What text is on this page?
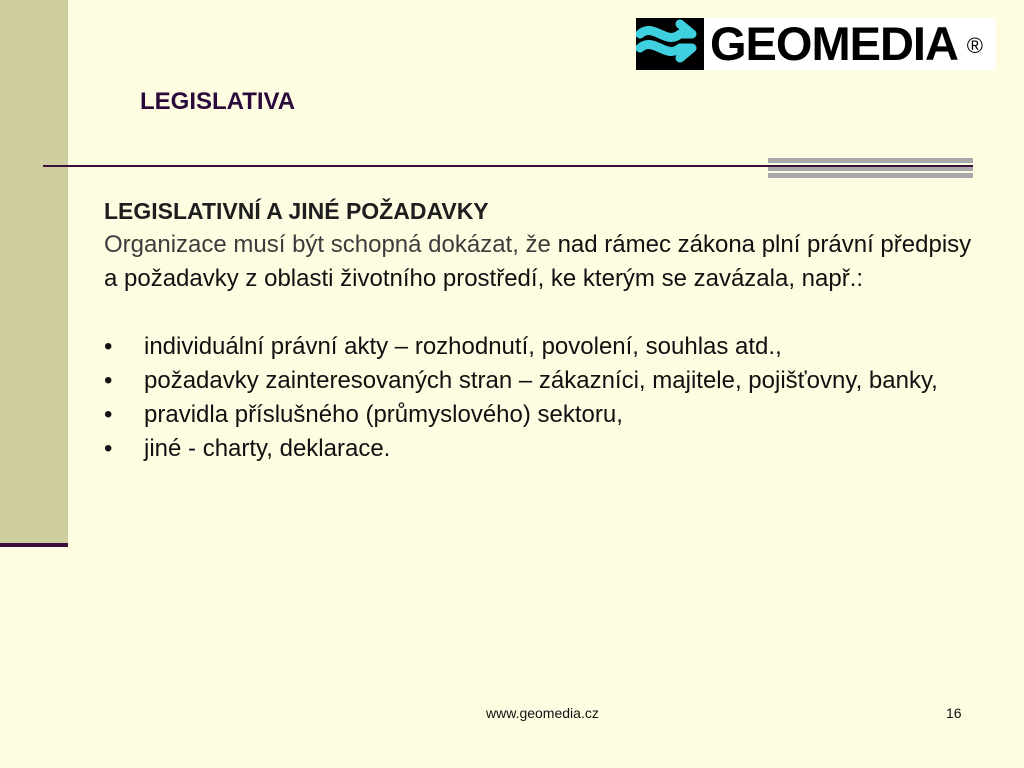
GEOMEDIA ®
LEGISLATIVA
LEGISLATIVNÍ A JINÉ POŽADAVKY
Organizace musí být schopná dokázat, že nad rámec zákona plní právní předpisy a požadavky z oblasti životního prostředí, ke kterým se zavázala, např.:
• individuální právní akty – rozhodnutí, povolení, souhlas atd.,
• požadavky zainteresovaných stran – zákazníci, majitele, pojišťovny, banky,
• pravidla příslušného (průmyslového) sektoru,
• jiné - charty, deklarace.
www.geomedia.cz	16
